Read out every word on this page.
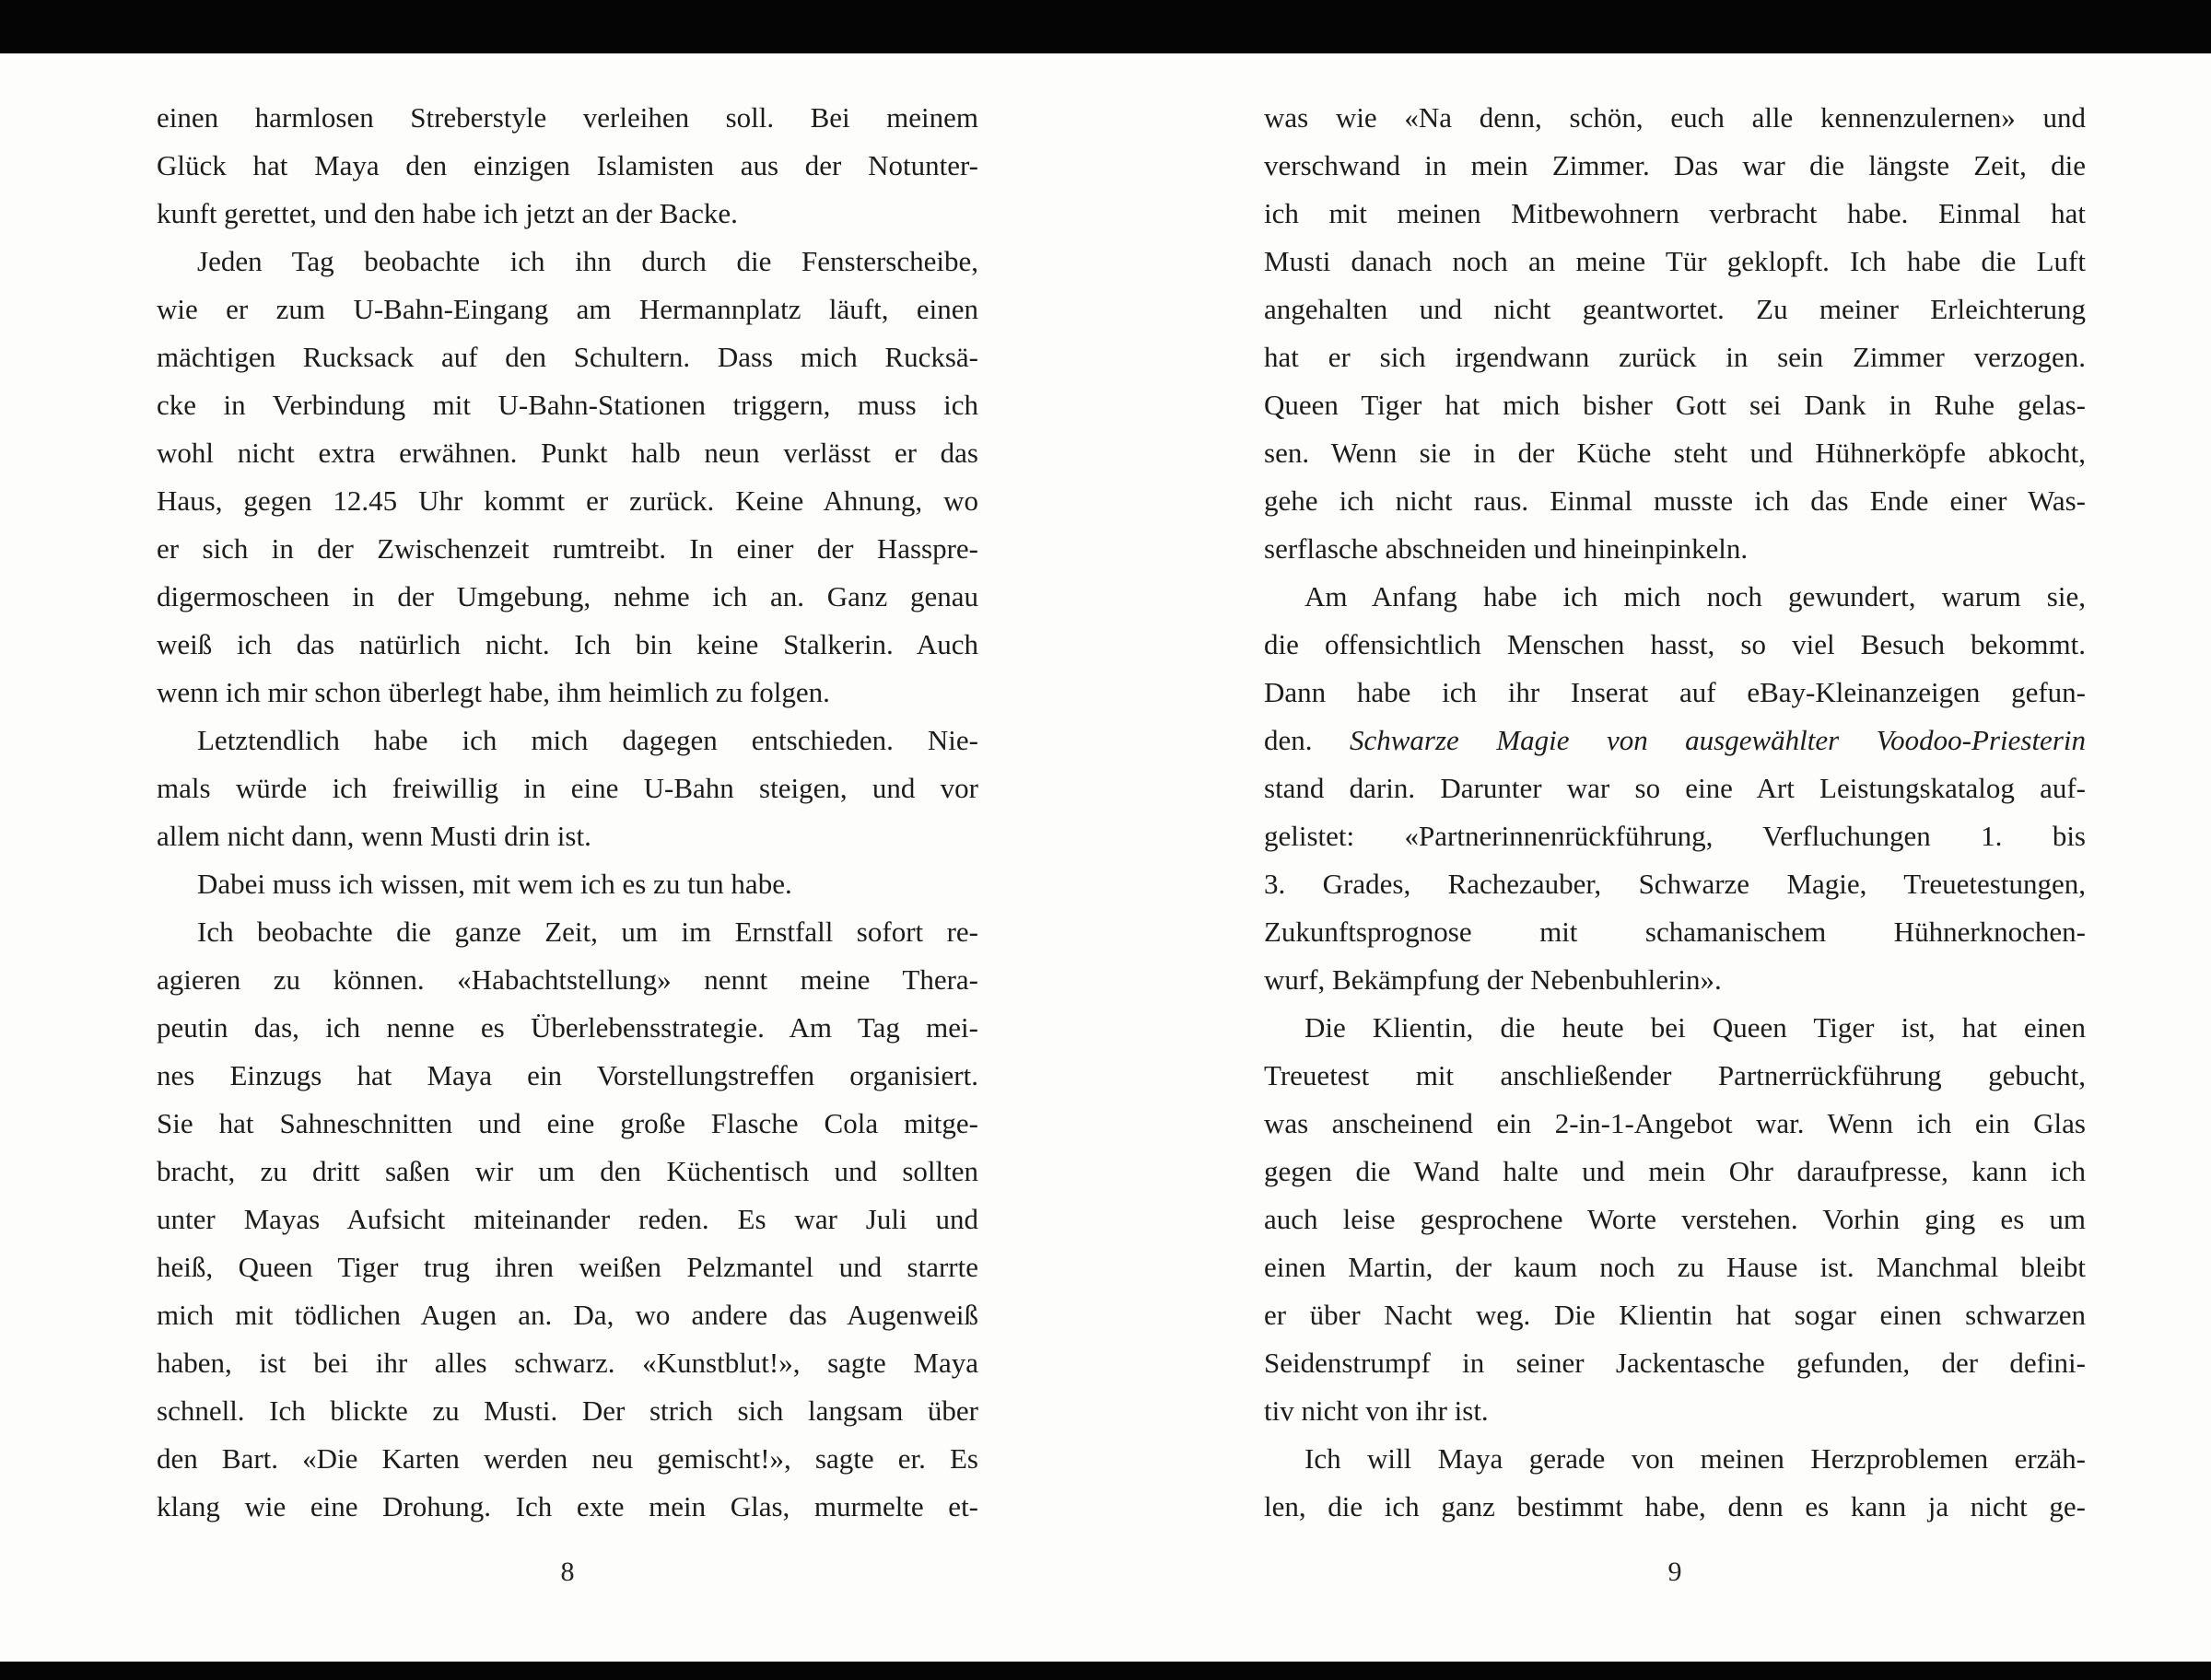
einen harmlosen Streberstyle verleihen soll. Bei meinem
Glück hat Maya den einzigen Islamisten aus der Notunter-
kunft gerettet, und den habe ich jetzt an der Backe.
Jeden Tag beobachte ich ihn durch die Fensterscheibe,
wie er zum U-Bahn-Eingang am Hermannplatz läuft, einen
mächtigen Rucksack auf den Schultern. Dass mich Rucksä-
cke in Verbindung mit U-Bahn-Stationen triggern, muss ich
wohl nicht extra erwähnen. Punkt halb neun verlässt er das
Haus, gegen 12.45 Uhr kommt er zurück. Keine Ahnung, wo
er sich in der Zwischenzeit rumtreibt. In einer der Hasspre-
digermoscheen in der Umgebung, nehme ich an. Ganz genau
weiß ich das natürlich nicht. Ich bin keine Stalkerin. Auch
wenn ich mir schon überlegt habe, ihm heimlich zu folgen.
Letztendlich habe ich mich dagegen entschieden. Nie-
mals würde ich freiwillig in eine U-Bahn steigen, und vor
allem nicht dann, wenn Musti drin ist.
Dabei muss ich wissen, mit wem ich es zu tun habe.
Ich beobachte die ganze Zeit, um im Ernstfall sofort re-
agieren zu können. «Habachtstellung» nennt meine Thera-
peutin das, ich nenne es Überlebensstrategie. Am Tag mei-
nes Einzugs hat Maya ein Vorstellungstreffen organisiert.
Sie hat Sahneschnitten und eine große Flasche Cola mitge-
bracht, zu dritt saßen wir um den Küchentisch und sollten
unter Mayas Aufsicht miteinander reden. Es war Juli und
heiß, Queen Tiger trug ihren weißen Pelzmantel und starrte
mich mit tödlichen Augen an. Da, wo andere das Augenweiß
haben, ist bei ihr alles schwarz. «Kunstblut!», sagte Maya
schnell. Ich blickte zu Musti. Der strich sich langsam über
den Bart. «Die Karten werden neu gemischt!», sagte er. Es
klang wie eine Drohung. Ich exte mein Glas, murmelte et-
8
was wie «Na denn, schön, euch alle kennenzulernen» und
verschwand in mein Zimmer. Das war die längste Zeit, die
ich mit meinen Mitbewohnern verbracht habe. Einmal hat
Musti danach noch an meine Tür geklopft. Ich habe die Luft
angehalten und nicht geantwortet. Zu meiner Erleichterung
hat er sich irgendwann zurück in sein Zimmer verzogen.
Queen Tiger hat mich bisher Gott sei Dank in Ruhe gelas-
sen. Wenn sie in der Küche steht und Hühnerköpfe abkocht,
gehe ich nicht raus. Einmal musste ich das Ende einer Was-
serflasche abschneiden und hineinpinkeln.
Am Anfang habe ich mich noch gewundert, warum sie,
die offensichtlich Menschen hasst, so viel Besuch bekommt.
Dann habe ich ihr Inserat auf eBay-Kleinanzeigen gefun-
den. Schwarze Magie von ausgewählter Voodoo-Priesterin
stand darin. Darunter war so eine Art Leistungskatalog auf-
gelistet: «Partnerinnenrückführung, Verfluchungen 1. bis
3. Grades, Rachezauber, Schwarze Magie, Treuetestungen,
Zukunftsprognose mit schamanischem Hühnerknochen-
wurf, Bekämpfung der Nebenbuhlerin».
Die Klientin, die heute bei Queen Tiger ist, hat einen
Treuetest mit anschließender Partnerrückführung gebucht,
was anscheinend ein 2-in-1-Angebot war. Wenn ich ein Glas
gegen die Wand halte und mein Ohr daraufpresse, kann ich
auch leise gesprochene Worte verstehen. Vorhin ging es um
einen Martin, der kaum noch zu Hause ist. Manchmal bleibt
er über Nacht weg. Die Klientin hat sogar einen schwarzen
Seidenstrumpf in seiner Jackentasche gefunden, der defini-
tiv nicht von ihr ist.
Ich will Maya gerade von meinen Herzproblemen erzäh-
len, die ich ganz bestimmt habe, denn es kann ja nicht ge-
9
